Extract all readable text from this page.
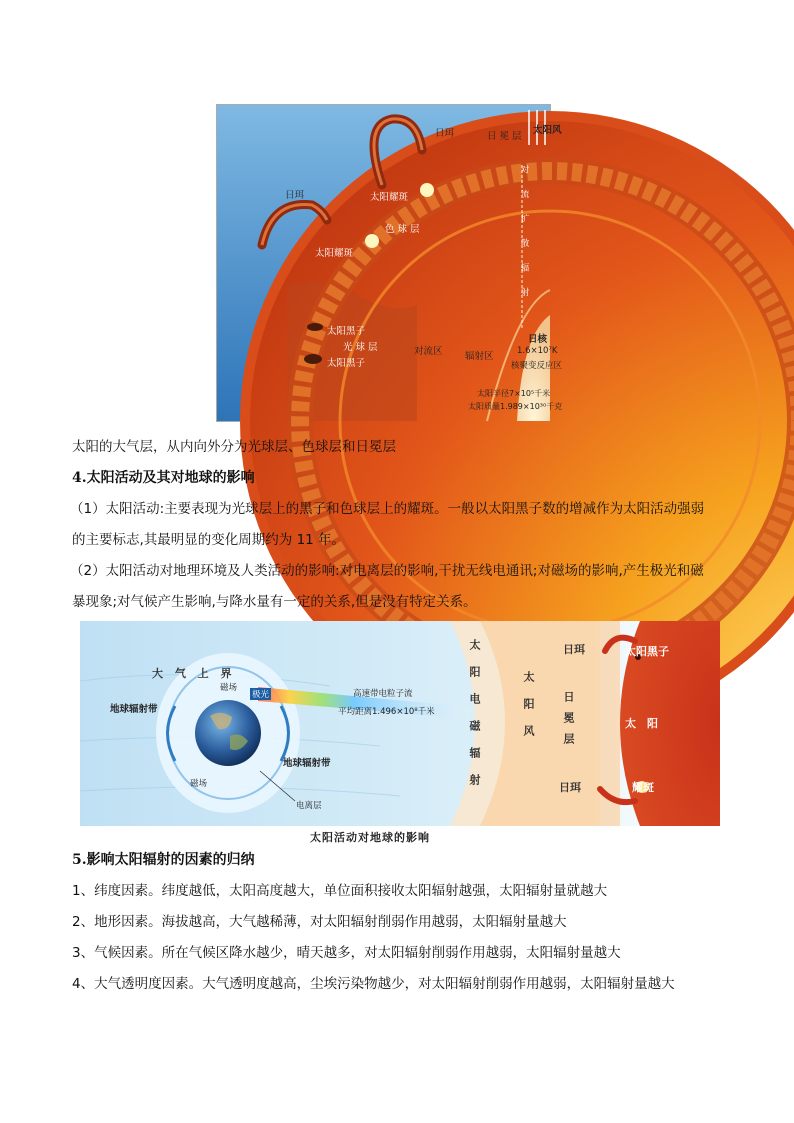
日珥	日冕层
太阳风
日珥	太阳耀斑
色球层
太阳耀斑	对流扩散辐射
太阳黑子
光球层	对流区 辐射区
日核
太阳黑子
1.6×10⁷K
核聚变反应区
太阳半径7×10⁵千米
太阳质量1.989×10³⁰千克
太阳的大气层，从内向外分为光球层、色球层和日冕层
4.太阳活动及其对地球的影响
（1）太阳活动:主要表现为光球层上的黑子和色球层上的耀斑。一般以太阳黑子数的增减作为太阳活动强弱
的主要标志,其最明显的变化周期约为 11 年。
（2）太阳活动对地理环境及人类活动的影响:对电离层的影响,干扰无线电通讯;对磁场的影响,产生极光和磁
暴现象;对气候产生影响,与降水量有一定的关系,但是没有特定关系。
大 气 上 界
磁场
极光
地球辐射带
高速带电粒子流
平均距离1.496×10⁸千米
地球辐射带
磁场
电离层
太阳电磁辐射	太阳风 日冕层
日珥
日珥
太阳黑子
太　阳
耀斑
太阳活动对地球的影响
5.影响太阳辐射的因素的归纳
1、纬度因素。纬度越低，太阳高度越大，单位面积接收太阳辐射越强，太阳辐射量就越大
2、地形因素。海拔越高，大气越稀薄，对太阳辐射削弱作用越弱，太阳辐射量越大
3、气候因素。所在气候区降水越少，晴天越多，对太阳辐射削弱作用越弱，太阳辐射量越大
4、大气透明度因素。大气透明度越高，尘埃污染物越少，对太阳辐射削弱作用越弱，太阳辐射量越大
